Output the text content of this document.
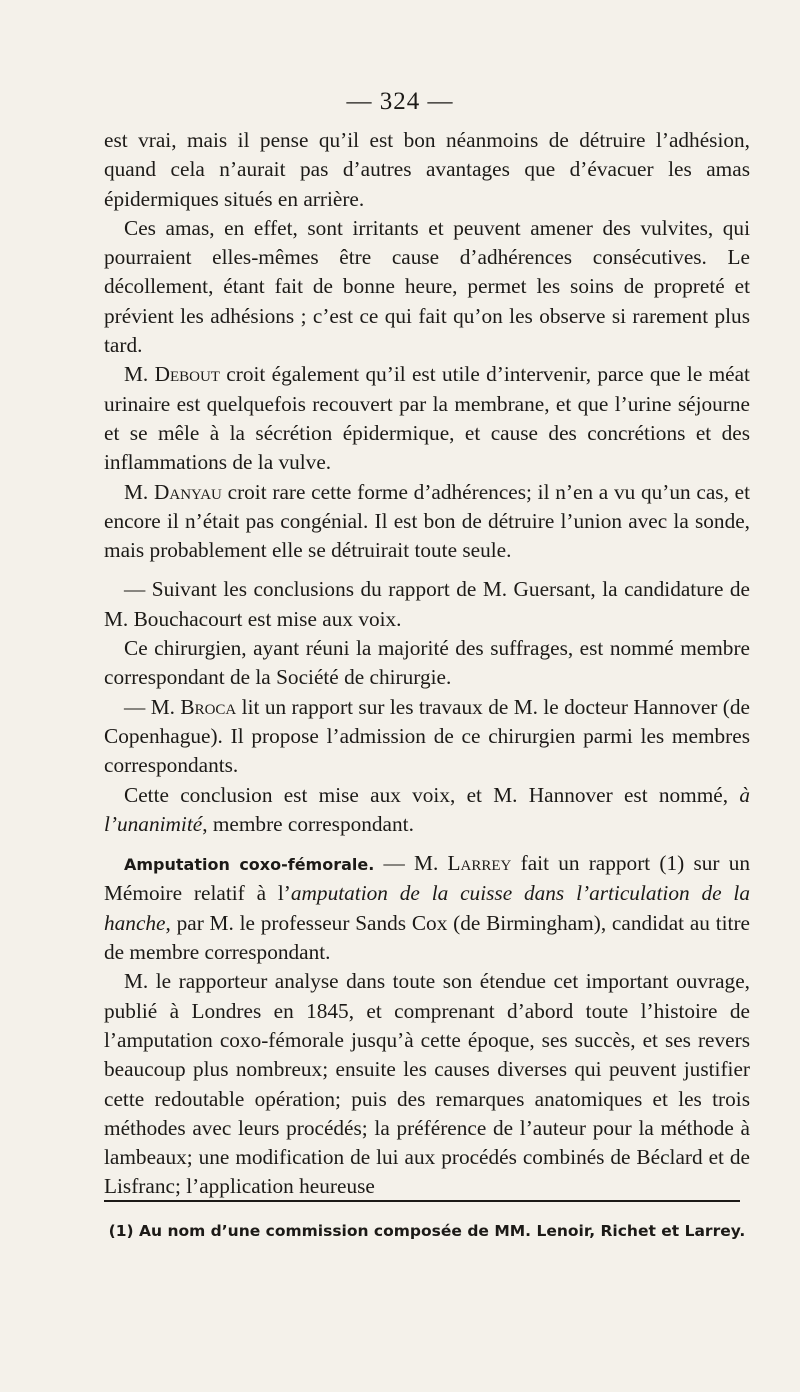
— 324 —

est vrai, mais il pense qu’il est bon néanmoins de détruire l’adhésion, quand cela n’aurait pas d’autres avantages que d’évacuer les amas épidermiques situés en arrière.

Ces amas, en effet, sont irritants et peuvent amener des vulvites, qui pourraient elles-mêmes être cause d’adhérences consécutives. Le décollement, étant fait de bonne heure, permet les soins de propreté et prévient les adhésions ; c’est ce qui fait qu’on les observe si rarement plus tard.

M. Debout croit également qu’il est utile d’intervenir, parce que le méat urinaire est quelquefois recouvert par la membrane, et que l’urine séjourne et se mêle à la sécrétion épidermique, et cause des concrétions et des inflammations de la vulve.

M. Danyau croit rare cette forme d’adhérences; il n’en a vu qu’un cas, et encore il n’était pas congénial. Il est bon de détruire l’union avec la sonde, mais probablement elle se détruirait toute seule.

— Suivant les conclusions du rapport de M. Guersant, la candidature de M. Bouchacourt est mise aux voix.

Ce chirurgien, ayant réuni la majorité des suffrages, est nommé membre correspondant de la Société de chirurgie.

— M. Broca lit un rapport sur les travaux de M. le docteur Hannover (de Copenhague). Il propose l’admission de ce chirurgien parmi les membres correspondants.

Cette conclusion est mise aux voix, et M. Hannover est nommé, à l’unanimité, membre correspondant.

Amputation coxo-fémorale. — M. Larrey fait un rapport (1) sur un Mémoire relatif à l’amputation de la cuisse dans l’articulation de la hanche, par M. le professeur Sands Cox (de Birmingham), candidat au titre de membre correspondant.

M. le rapporteur analyse dans toute son étendue cet important ouvrage, publié à Londres en 1845, et comprenant d’abord toute l’histoire de l’amputation coxo-fémorale jusqu’à cette époque, ses succès, et ses revers beaucoup plus nombreux; ensuite les causes diverses qui peuvent justifier cette redoutable opération; puis des remarques anatomiques et les trois méthodes avec leurs procédés; la préférence de l’auteur pour la méthode à lambeaux; une modification de lui aux procédés combinés de Béclard et de Lisfranc; l’application heureuse

(1) Au nom d’une commission composée de MM. Lenoir, Richet et Larrey.
